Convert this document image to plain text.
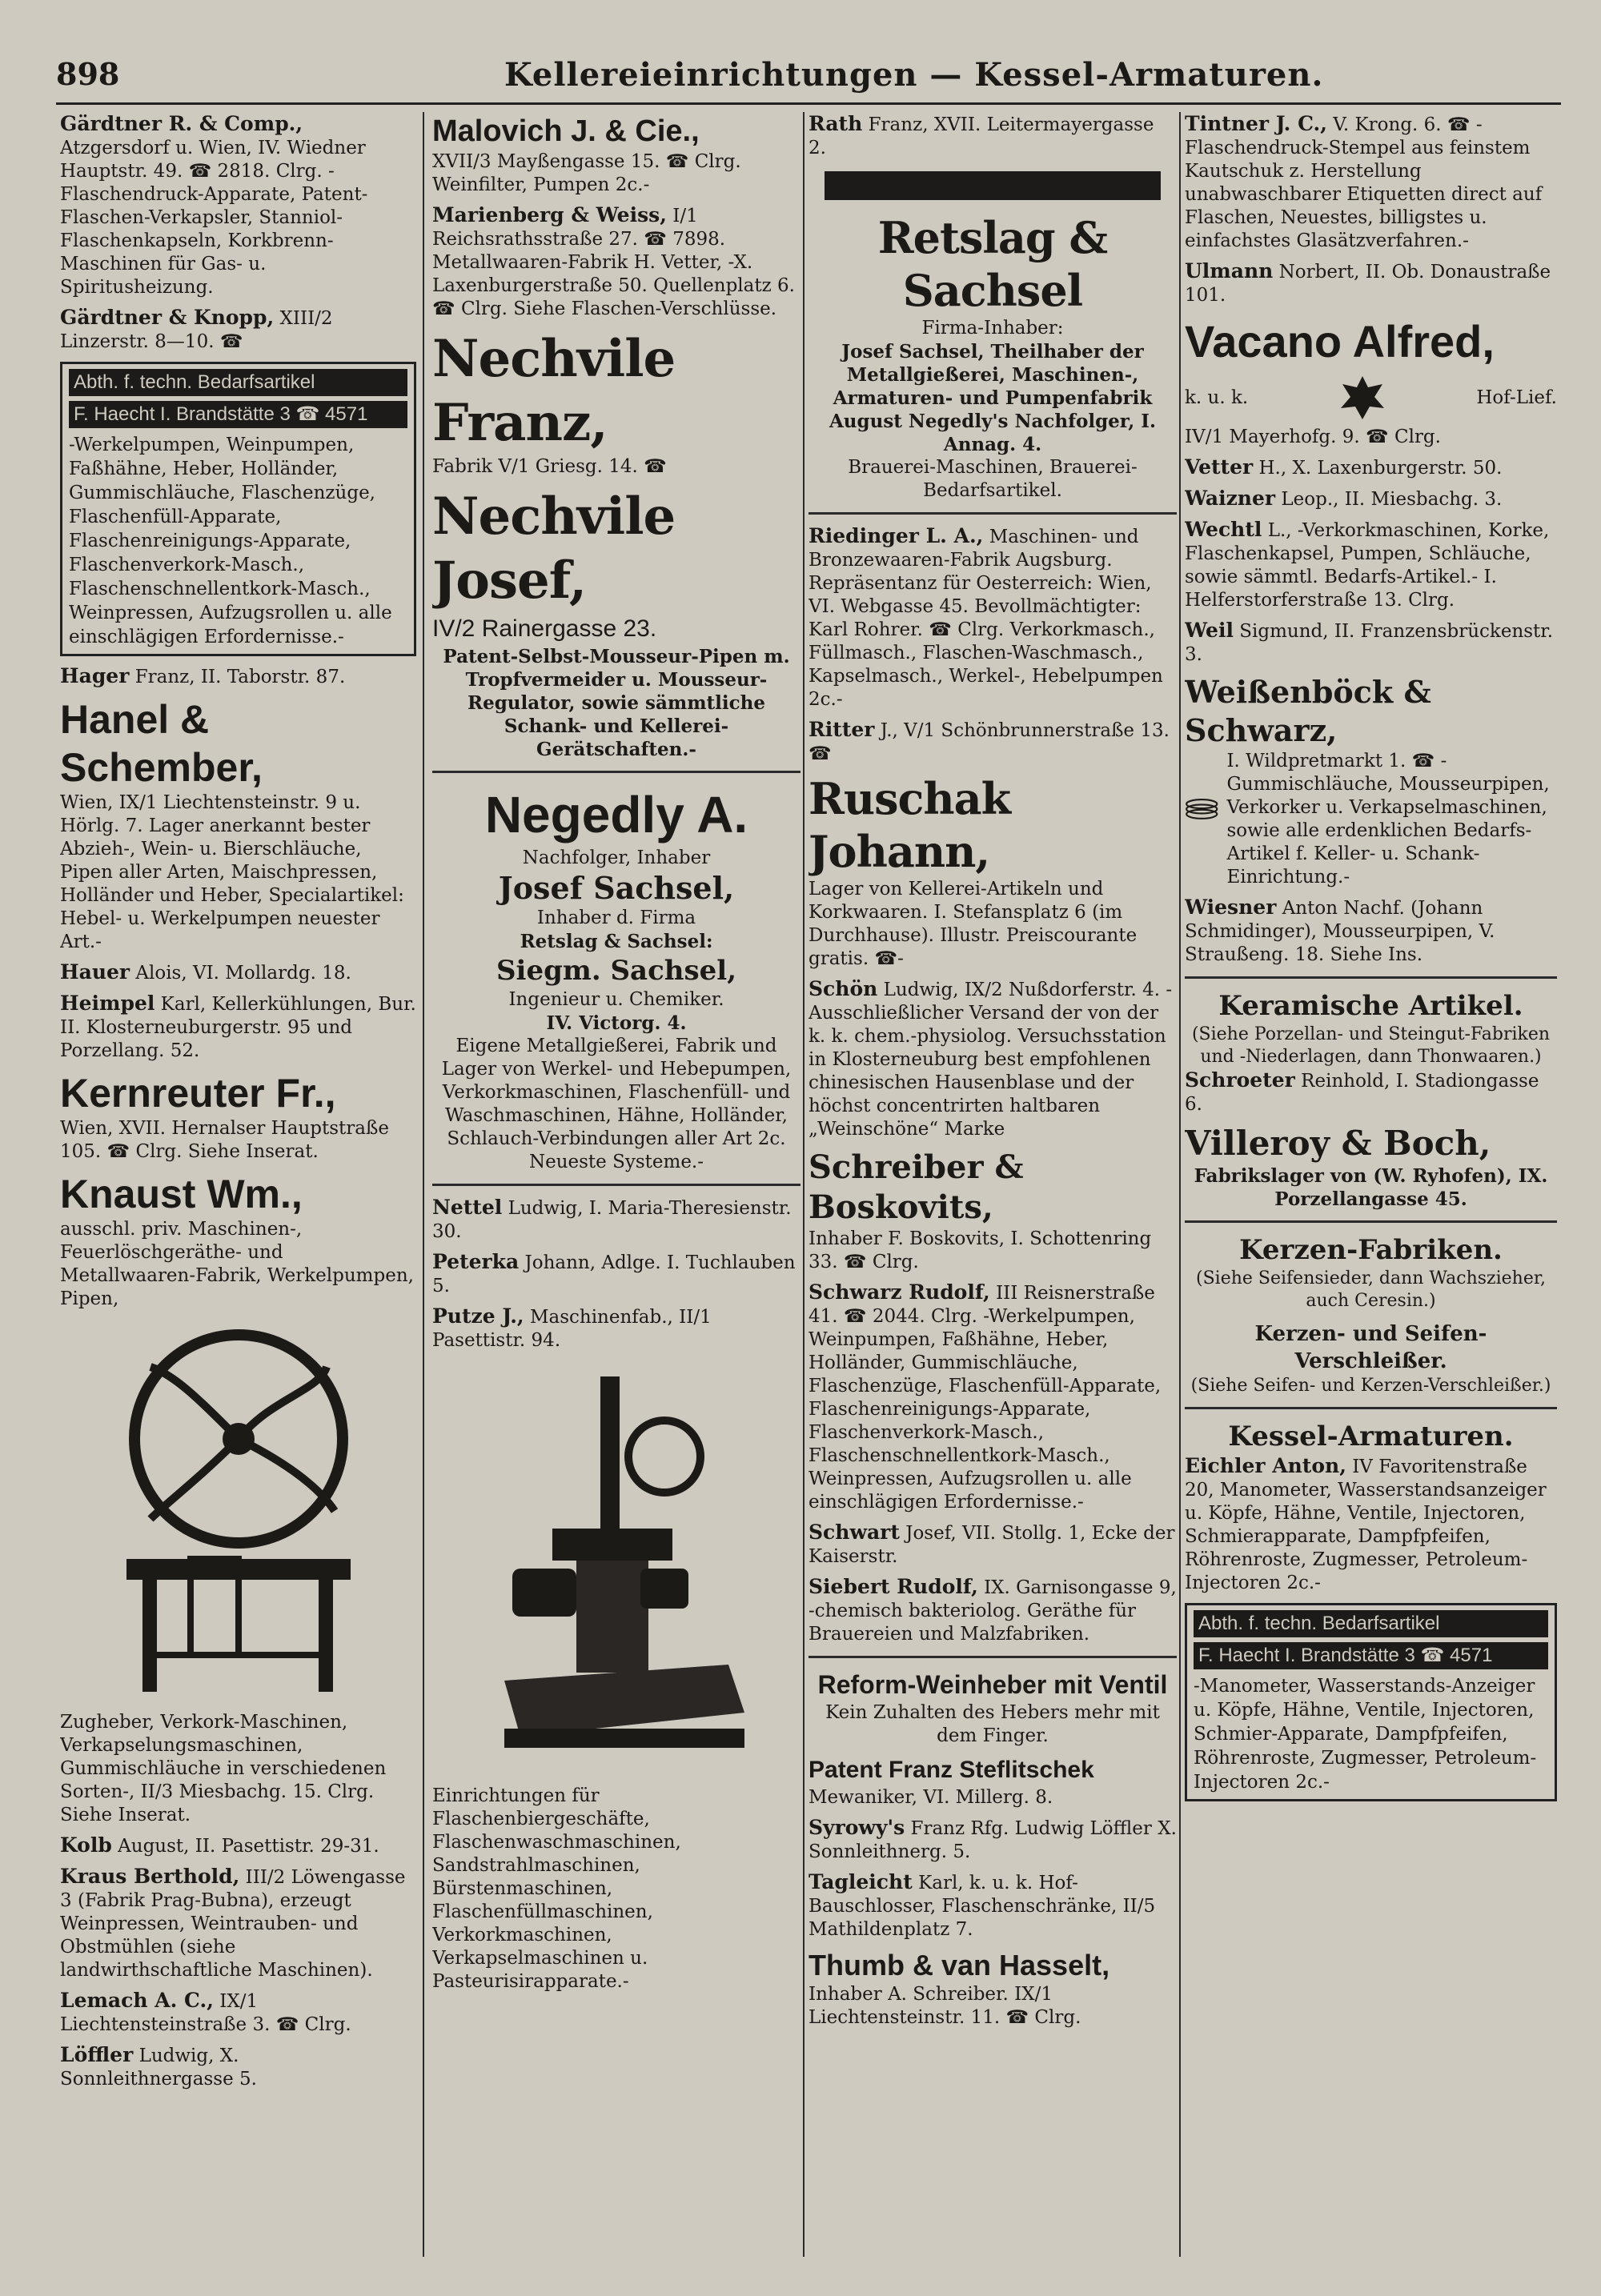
898	Kellereieinrichtungen — Kessel-Armaturen.
Gärdtner R. & Comp., Atzgersdorf u. Wien, IV. Wiedner Hauptstr. 49. ☎ 2818. Clrg. -Flaschendruck-Apparate, Patent-Flaschen-Verkapsler, Stanniol-Flaschenkapseln, Korkbrenn-Maschinen für Gas- u. Spiritusheizung.
Gärdtner & Knopp, XIII/2 Linzerstr. 8—10. ☎
Abth. f. techn. Bedarfsartikel
F. Haecht I. Brandstätte 3 ☎ 4571
-Werkelpumpen, Weinpumpen, Faßhähne, Heber, Holländer, Gummischläuche, Flaschenzüge, Flaschenfüll-Apparate, Flaschenreinigungs-Apparate, Flaschenverkork-Masch., Flaschenschnellentkork-Masch., Weinpressen, Aufzugsrollen u. alle einschlägigen Erfordernisse.-
Hager Franz, II. Taborstr. 87.
Hanel & Schember,
Wien, IX/1 Liechtensteinstr. 9 u. Hörlg. 7. Lager anerkannt bester Abzieh-, Wein- u. Bierschläuche, Pipen aller Arten, Maischpressen, Holländer und Heber, Specialartikel: Hebel- u. Werkelpumpen neuester Art.-
Hauer Alois, VI. Mollardg. 18.
Heimpel Karl, Kellerkühlungen, Bur. II. Klosterneuburgerstr. 95 und Porzellang. 52.
Kernreuter Fr.,
Wien, XVII. Hernalser Hauptstraße 105. ☎ Clrg. Siehe Inserat.
Knaust Wm.,
ausschl. priv. Maschinen-, Feuerlöschgeräthe- und Metallwaaren-Fabrik, Werkelpumpen, Pipen,
Zugheber, Verkork-Maschinen, Verkapselungsmaschinen, Gummischläuche in verschiedenen Sorten-, II/3 Miesbachg. 15. Clrg. Siehe Inserat.
Kolb August, II. Pasettistr. 29-31.
Kraus Berthold, III/2 Löwengasse 3 (Fabrik Prag-Bubna), erzeugt Weinpressen, Weintrauben- und Obstmühlen (siehe landwirthschaftliche Maschinen).
Lemach A. C., IX/1 Liechtensteinstraße 3. ☎ Clrg.
Löffler Ludwig, X. Sonnleithnergasse 5.
Malovich J. & Cie.,
XVII/3 Mayßengasse 15. ☎ Clrg. Weinfilter, Pumpen 2c.-
Marienberg & Weiss, I/1 Reichsrathsstraße 27. ☎ 7898. Metallwaaren-Fabrik H. Vetter, -X. Laxenburgerstraße 50. Quellenplatz 6. ☎ Clrg. Siehe Flaschen-Verschlüsse.
Nechvile Franz,
Fabrik V/1 Griesg. 14. ☎
Nechvile Josef,
IV/2 Rainergasse 23.
Patent-Selbst-Mousseur-Pipen m. Tropfvermeider u. Mousseur-Regulator, sowie sämmtliche Schank- und Kellerei-Gerätschaften.-
Negedly A.
Nachfolger, Inhaber
Josef Sachsel,
Inhaber d. Firma
Retslag & Sachsel:
Siegm. Sachsel,
Ingenieur u. Chemiker.
IV. Victorg. 4.
Eigene Metallgießerei, Fabrik und Lager von Werkel- und Hebepumpen, Verkorkmaschinen, Flaschenfüll- und Waschmaschinen, Hähne, Holländer, Schlauch-Verbindungen aller Art 2c. Neueste Systeme.-
Nettel Ludwig, I. Maria-Theresienstr. 30.
Peterka Johann, Adlge. I. Tuchlauben 5.
Putze J., Maschinenfab., II/1 Pasettistr. 94.
Einrichtungen für Flaschenbiergeschäfte, Flaschenwaschmaschinen, Sandstrahlmaschinen, Bürstenmaschinen, Flaschenfüllmaschinen, Verkorkmaschinen, Verkapselmaschinen u. Pasteurisirapparate.-
Rath Franz, XVII. Leitermayergasse 2.
Retslag & Sachsel
Firma-Inhaber:
Josef Sachsel, Theilhaber der Metallgießerei, Maschinen-, Armaturen- und Pumpenfabrik August Negedly's Nachfolger, I. Annag. 4.
Brauerei-Maschinen, Brauerei-Bedarfsartikel.
Riedinger L. A., Maschinen- und Bronzewaaren-Fabrik Augsburg. Repräsentanz für Oesterreich: Wien, VI. Webgasse 45. Bevollmächtigter: Karl Rohrer. ☎ Clrg. Verkorkmasch., Füllmasch., Flaschen-Waschmasch., Kapselmasch., Werkel-, Hebelpumpen 2c.-
Ritter J., V/1 Schönbrunnerstraße 13. ☎
Ruschak Johann,
Lager von Kellerei-Artikeln und Korkwaaren. I. Stefansplatz 6 (im Durchhause). Illustr. Preiscourante gratis. ☎-
Schön Ludwig, IX/2 Nußdorferstr. 4. -Ausschließlicher Versand der von der k. k. chem.-physiolog. Versuchsstation in Klosterneuburg best empfohlenen chinesischen Hausenblase und der höchst concentrirten haltbaren „Weinschöne“ Marke
Schreiber & Boskovits,
Inhaber F. Boskovits, I. Schottenring 33. ☎ Clrg.
Schwarz Rudolf, III Reisnerstraße 41. ☎ 2044. Clrg. -Werkelpumpen, Weinpumpen, Faßhähne, Heber, Holländer, Gummischläuche, Flaschenzüge, Flaschenfüll-Apparate, Flaschenreinigungs-Apparate, Flaschenverkork-Masch., Flaschenschnellentkork-Masch., Weinpressen, Aufzugsrollen u. alle einschlägigen Erfordernisse.-
Schwart Josef, VII. Stollg. 1, Ecke der Kaiserstr.
Siebert Rudolf, IX. Garnisongasse 9, -chemisch bakteriolog. Geräthe für Brauereien und Malzfabriken.
Reform-Weinheber mit Ventil
Kein Zuhalten des Hebers mehr mit dem Finger.
Patent Franz Steflitschek
Mewaniker, VI. Millerg. 8.
Syrowy's Franz Rfg. Ludwig Löffler X. Sonnleithnerg. 5.
Tagleicht Karl, k. u. k. Hof-Bauschlosser, Flaschenschränke, II/5 Mathildenplatz 7.
Thumb & van Hasselt,
Inhaber A. Schreiber. IX/1 Liechtensteinstr. 11. ☎ Clrg.
Tintner J. C., V. Krong. 6. ☎ -Flaschendruck-Stempel aus feinstem Kautschuk z. Herstellung unabwaschbarer Etiquetten direct auf Flaschen, Neuestes, billigstes u. einfachstes Glasätzverfahren.-
Ulmann Norbert, II. Ob. Donaustraße 101.
Vacano Alfred,
k. u. k.	Hof-Lief.
IV/1 Mayerhofg. 9. ☎ Clrg.
Vetter H., X. Laxenburgerstr. 50.
Waizner Leop., II. Miesbachg. 3.
Wechtl L., -Verkorkmaschinen, Korke, Flaschenkapsel, Pumpen, Schläuche, sowie sämmtl. Bedarfs-Artikel.- I. Helferstorferstraße 13. Clrg.
Weil Sigmund, II. Franzensbrückenstr. 3.
Weißenböck & Schwarz,
I. Wildpretmarkt 1. ☎ -Gummischläuche, Mousseurpipen, Verkorker u. Verkapselmaschinen, sowie alle erdenklichen Bedarfs-Artikel f. Keller- u. Schank-Einrichtung.-
Wiesner Anton Nachf. (Johann Schmidinger), Mousseurpipen, V. Straußeng. 18. Siehe Ins.
Keramische Artikel.
(Siehe Porzellan- und Steingut-Fabriken und -Niederlagen, dann Thonwaaren.)
Schroeter Reinhold, I. Stadiongasse 6.
Villeroy & Boch,
Fabrikslager von (W. Ryhofen), IX. Porzellangasse 45.
Kerzen-Fabriken.
(Siehe Seifensieder, dann Wachszieher, auch Ceresin.)
Kerzen- und Seifen-Verschleißer.
(Siehe Seifen- und Kerzen-Verschleißer.)
Kessel-Armaturen.
Eichler Anton, IV Favoritenstraße 20, Manometer, Wasserstandsanzeiger u. Köpfe, Hähne, Ventile, Injectoren, Schmierapparate, Dampfpfeifen, Röhrenroste, Zugmesser, Petroleum-Injectoren 2c.-
Abth. f. techn. Bedarfsartikel
F. Haecht I. Brandstätte 3 ☎ 4571
-Manometer, Wasserstands-Anzeiger u. Köpfe, Hähne, Ventile, Injectoren, Schmier-Apparate, Dampfpfeifen, Röhrenroste, Zugmesser, Petroleum-Injectoren 2c.-
